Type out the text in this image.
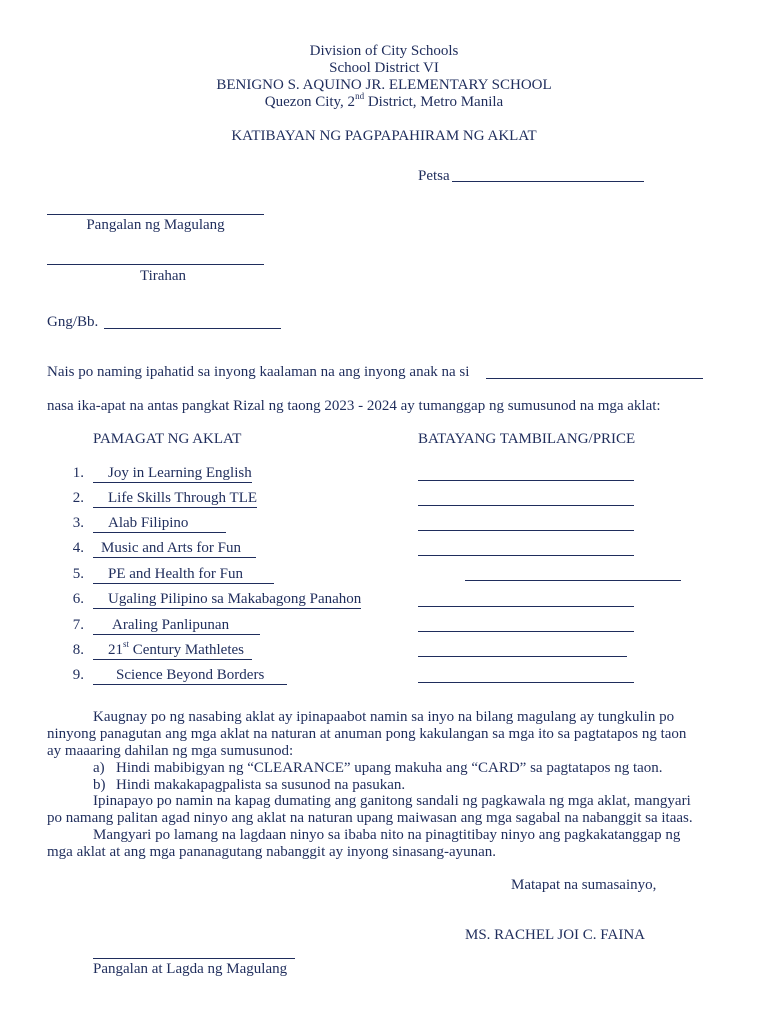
Division of City Schools
School District VI
BENIGNO S. AQUINO JR. ELEMENTARY SCHOOL
Quezon City, 2nd District, Metro Manila
KATIBAYAN NG PAGPAPAHIRAM NG AKLAT
Petsa
Pangalan ng Magulang
Tirahan
Gng/Bb.
Nais po naming ipahatid sa inyong kaalaman na ang inyong anak na si
nasa ika-apat na antas pangkat Rizal ng taong 2023 - 2024 ay tumanggap ng sumusunod na mga aklat:
PAMAGAT NG AKLAT	BATAYANG TAMBILANG/PRICE
1.	Joy in Learning English
2.	Life Skills Through TLE
3.	Alab Filipino
4.	Music and Arts for Fun
5.	PE and Health for Fun
6.	Ugaling Pilipino sa Makabagong Panahon
7.	Araling Panlipunan
8.	21st Century Mathletes
9.	Science Beyond Borders
Kaugnay po ng nasabing aklat ay ipinapaabot namin sa inyo na bilang magulang ay tungkulin po
ninyong panagutan ang mga aklat na naturan at anuman pong kakulangan sa mga ito sa pagtatapos ng taon
ay maaaring dahilan ng mga sumusunod:
a) Hindi mabibigyan ng “CLEARANCE” upang makuha ang “CARD” sa pagtatapos ng taon.
b) Hindi makakapagpalista sa susunod na pasukan.
Ipinapayo po namin na kapag dumating ang ganitong sandali ng pagkawala ng mga aklat, mangyari
po namang palitan agad ninyo ang aklat na naturan upang maiwasan ang mga sagabal na nabanggit sa itaas.
Mangyari po lamang na lagdaan ninyo sa ibaba nito na pinagtitibay ninyo ang pagkakatanggap ng
mga aklat at ang mga pananagutang nabanggit ay inyong sinasang-ayunan.
Matapat na sumasainyo,
MS. RACHEL JOI C. FAINA
Pangalan at Lagda ng Magulang
